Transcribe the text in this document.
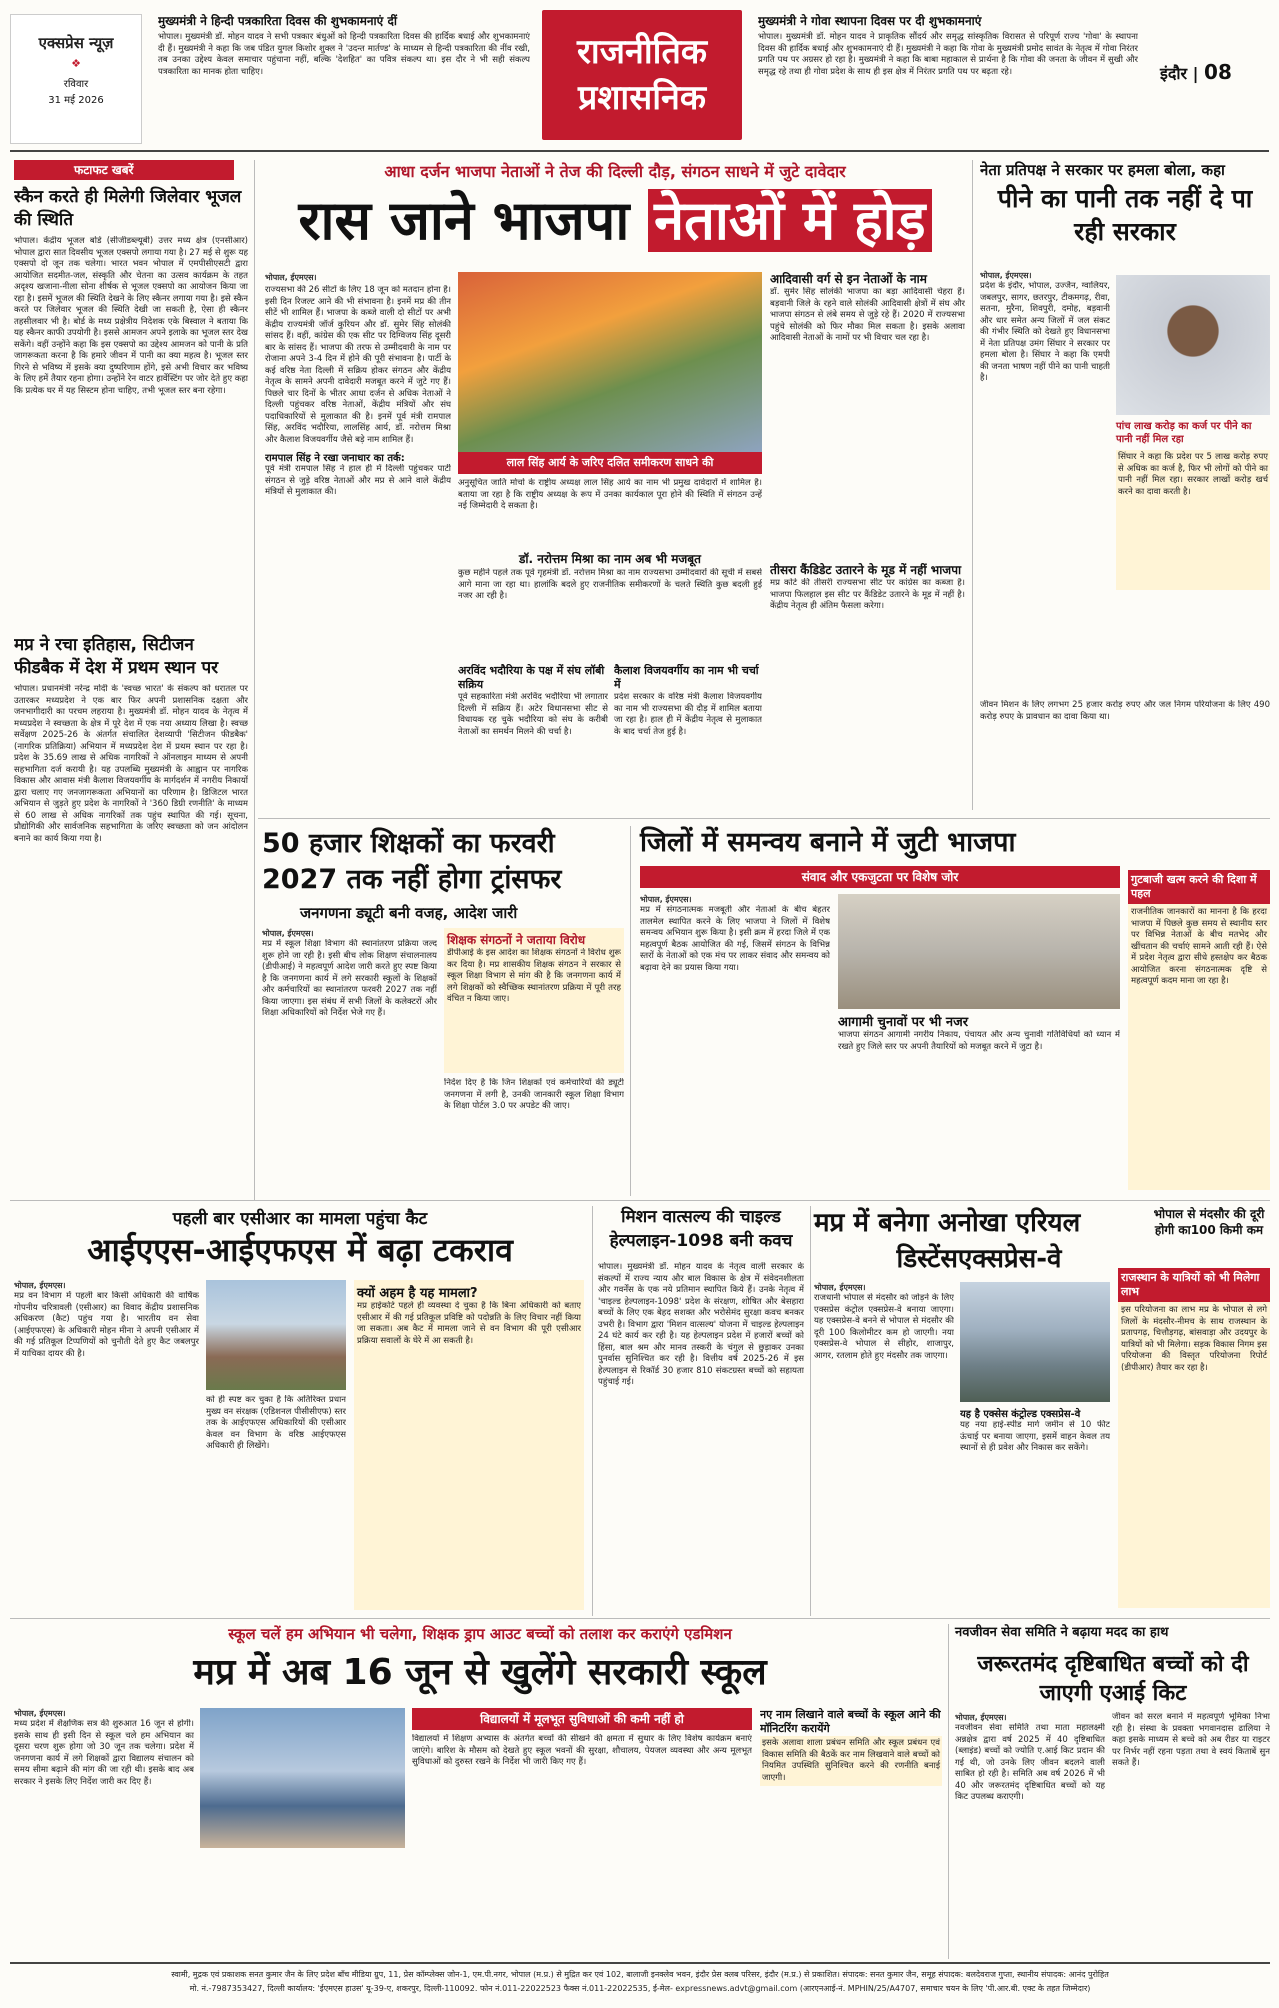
एक्सप्रेस न्यूज़
❖
रविवार
31 मई 2026
मुख्यमंत्री ने हिन्दी पत्रकारिता दिवस की शुभकामनाएं दीं
भोपाल। मुख्यमंत्री डॉ. मोहन यादव ने सभी पत्रकार बंधुओं को हिन्दी पत्रकारिता दिवस की हार्दिक बधाई और शुभकामनाएं दी हैं। मुख्यमंत्री ने कहा कि जब पंडित युगल किशोर शुक्ल ने 'उदन्त मार्तण्ड' के माध्यम से हिन्दी पत्रकारिता की नींव रखी, तब उनका उद्देश्य केवल समाचार पहुंचाना नहीं, बल्कि 'देशहित' का पवित्र संकल्प था। इस दौर ने भी सही संकल्प पत्रकारिता का मानक होता चाहिए।	राजनीतिक प्रशासनिक
मुख्यमंत्री ने गोवा स्थापना दिवस पर दी शुभकामनाएं
भोपाल। मुख्यमंत्री डॉ. मोहन यादव ने प्राकृतिक सौंदर्य और समृद्ध सांस्कृतिक विरासत से परिपूर्ण राज्य 'गोवा' के स्थापना दिवस की हार्दिक बधाई और शुभकामनाएं दी हैं। मुख्यमंत्री ने कहा कि गोवा के मुख्यमंत्री प्रमोद सावंत के नेतृत्व में गोवा निरंतर प्रगति पथ पर अग्रसर हो रहा है। मुख्यमंत्री ने कहा कि बाबा महाकाल से प्रार्थना है कि गोवा की जनता के जीवन में सुखी और समृद्ध रहे तथा ही गोवा प्रदेश के साथ ही इस क्षेत्र में निरंतर प्रगति पथ पर बढ़ता रहे।	इंदौर | 08
फटाफट खबरें
स्कैन करते ही मिलेगी जिलेवार भूजल की स्थिति
भोपाल। केंद्रीय भूजल बोर्ड (सीजीडब्ल्यूबी) उत्तर मध्य क्षेत्र (एनसीआर) भोपाल द्वारा सात दिवसीय भूजल एक्सपो लगाया गया है। 27 मई से शुरू यह एक्सपो दो जून तक चलेगा। भारत भवन भोपाल में एमपीसीएसटी द्वारा आयोजित सदमीत-जल, संस्कृति और चेतना का उत्सव कार्यक्रम के तहत अदृश्य खजाना-नीला सोना शीर्षक से भूजल एक्सपो का आयोजन किया जा रहा है। इसमें भूजल की स्थिति देखने के लिए स्कैनर लगाया गया है। इसे स्कैन करते पर जिलेवार भूजल की स्थिति देखी जा सकती है, ऐसा ही स्कैनर तहसीलवार भी है। बोर्ड के मध्य प्रक्षेत्रीय निदेशक एके बिस्वाल ने बताया कि यह स्कैनर काफी उपयोगी है। इससे आमजन अपने इलाके का भूजल स्तर देख सकेंगे। वहीं उन्होंने कहा कि इस एक्सपो का उद्देश्य आमजन को पानी के प्रति जागरूकता करना है कि हमारे जीवन में पानी का क्या महत्व है। भूजल स्तर गिरने से भविष्य में इसके क्या दुष्परिणाम होंगे, इसे अभी विचार कर भविष्य के लिए हमें तैयार रहना होगा। उन्होंने रेन वाटर हार्वेस्टिंग पर जोर देते हुए कहा कि प्रत्येक घर में यह सिस्टम होना चाहिए, तभी भूजल स्तर बना रहेगा।
मप्र ने रचा इतिहास, सिटीजन फीडबैक में देश में प्रथम स्थान पर
भोपाल। प्रधानमंत्री नरेन्द्र मोदी के 'स्वच्छ भारत' के संकल्प को धरातल पर उतारकर मध्यप्रदेश ने एक बार फिर अपनी प्रशासनिक दक्षता और जनभागीदारी का परचम लहराया है। मुख्यमंत्री डॉ. मोहन यादव के नेतृत्व में मध्यप्रदेश ने स्वच्छता के क्षेत्र में पूरे देश में एक नया अध्याय लिखा है। स्वच्छ सर्वेक्षण 2025-26 के अंतर्गत संचालित देशव्यापी 'सिटीजन फीडबैक' (नागरिक प्रतिक्रिया) अभियान में मध्यप्रदेश देश में प्रथम स्थान पर रहा है। प्रदेश के 35.69 लाख से अधिक नागरिकों ने ऑनलाइन माध्यम से अपनी सहभागिता दर्ज करायी है। यह उपलब्धि मुख्यमंत्री के आह्वान पर नागरिक विकास और आवास मंत्री कैलाश विजयवर्गीय के मार्गदर्शन में नगरीय निकायों द्वारा चलाए गए जनजागरूकता अभियानों का परिणाम है। डिजिटल भारत अभियान से जुड़ते हुए प्रदेश के नागरिकों ने '360 डिग्री रणनीति' के माध्यम से 60 लाख से अधिक नागरिकों तक पहुंच स्थापित की गई। सूचना, प्रौद्योगिकी और सार्वजनिक सहभागिता के जरिए स्वच्छता को जन आंदोलन बनाने का कार्य किया गया है।
आधा दर्जन भाजपा नेताओं ने तेज की दिल्ली दौड़, संगठन साधने में जुटे दावेदार
रास जाने भाजपा नेताओं में होड़
भोपाल, ईएमएस।
राज्यसभा की 26 सीटों के लिए 18 जून को मतदान होना है। इसी दिन रिजल्ट आने की भी संभावना है। इनमें मप्र की तीन सीटें भी शामिल हैं। भाजपा के कब्जे वाली दो सीटों पर अभी केंद्रीय राज्यमंत्री जॉर्ज कुरियन और डॉ. सुमेर सिंह सोलंकी सांसद हैं। वहीं, कांग्रेस की एक सीट पर दिग्विजय सिंह दूसरी बार के सांसद हैं। भाजपा की तरफ से उम्मीदवारी के नाम पर रोजाना अपने 3-4 दिन में होने की पूरी संभावना है। पार्टी के कई वरिष्ठ नेता दिल्ली में सक्रिय होकर संगठन और केंद्रीय नेतृत्व के सामने अपनी दावेदारी मजबूत करने में जुटे गए हैं। पिछले चार दिनों के भीतर आधा दर्जन से अधिक नेताओं ने दिल्ली पहुंचकर वरिष्ठ नेताओं, केंद्रीय मंत्रियों और संघ पदाधिकारियों से मुलाकात की है। इनमें पूर्व मंत्री रामपाल सिंह, अरविंद भदौरिया, लालसिंह आर्य, डॉ. नरोत्तम मिश्रा और कैलाश विजयवर्गीय जैसे बड़े नाम शामिल हैं।
रामपाल सिंह ने रखा जनाधार का तर्क:
पूर्व मंत्री रामपाल सिंह ने हाल ही में दिल्ली पहुंचकर पार्टी संगठन से जुड़े वरिष्ठ नेताओं और मप्र से आने वाले केंद्रीय मंत्रियों से मुलाकात की।
लाल सिंह आर्य के जरिए दलित समीकरण साधने की
अनुसूचित जाति मोर्चा के राष्ट्रीय अध्यक्ष लाल सिंह आर्य का नाम भी प्रमुख दावेदारों में शामिल है। बताया जा रहा है कि राष्ट्रीय अध्यक्ष के रूप में उनका कार्यकाल पूरा होने की स्थिति में संगठन उन्हें नई जिम्मेदारी दे सकता है।
डॉ. नरोत्तम मिश्रा का नाम अब भी मजबूत
कुछ महीने पहले तक पूर्व गृहमंत्री डॉ. नरोत्तम मिश्रा का नाम राज्यसभा उम्मीदवारों की सूची में सबसे आगे माना जा रहा था। हालांकि बदले हुए राजनीतिक समीकरणों के चलते स्थिति कुछ बदली हुई नजर आ रही है।
अरविंद भदौरिया के पक्ष में संघ लॉबी सक्रिय
पूर्व सहकारिता मंत्री अरविंद भदौरिया भी लगातार दिल्ली में सक्रिय हैं। अटेर विधानसभा सीट से विधायक रह चुके भदौरिया को संघ के करीबी नेताओं का समर्थन मिलने की चर्चा है।
कैलाश विजयवर्गीय का नाम भी चर्चा में
प्रदेश सरकार के वरिष्ठ मंत्री कैलाश विजयवर्गीय का नाम भी राज्यसभा की दौड़ में शामिल बताया जा रहा है। हाल ही में केंद्रीय नेतृत्व से मुलाकात के बाद चर्चा तेज हुई है।
आदिवासी वर्ग से इन नेताओं के नाम
डॉ. सुमेर सिंह सोलंकी भाजपा का बड़ा आदिवासी चेहरा हैं। बड़वानी जिले के रहने वाले सोलंकी आदिवासी क्षेत्रों में संघ और भाजपा संगठन से लंबे समय से जुड़े रहे हैं। 2020 में राज्यसभा पहुंचे सोलंकी को फिर मौका मिल सकता है। इसके अलावा आदिवासी नेताओं के नामों पर भी विचार चल रहा है।
तीसरा कैंडिडेट उतारने के मूड में नहीं भाजपा
मप्र कोटे की तीसरी राज्यसभा सीट पर कांग्रेस का कब्जा है। भाजपा फिलहाल इस सीट पर कैंडिडेट उतारने के मूड में नहीं है। केंद्रीय नेतृत्व ही अंतिम फैसला करेगा।
नेता प्रतिपक्ष ने सरकार पर हमला बोला, कहा
पीने का पानी तक नहीं दे पा रही सरकार
भोपाल, ईएमएस।
प्रदेश के इंदौर, भोपाल, उज्जैन, ग्वालियर, जबलपुर, सागर, छतरपुर, टीकमगढ़, रीवा, सतना, मुरैना, शिवपुरी, दमोह, बड़वानी और धार समेत अन्य जिलों में जल संकट की गंभीर स्थिति को देखते हुए विधानसभा में नेता प्रतिपक्ष उमंग सिंघार ने सरकार पर हमला बोला है। सिंघार ने कहा कि एमपी की जनता भाषण नहीं पीने का पानी चाहती है।
पांच लाख करोड़ का कर्ज पर पीने का पानी नहीं मिल रहा
सिंघार ने कहा कि प्रदेश पर 5 लाख करोड़ रुपए से अधिक का कर्ज है, फिर भी लोगों को पीने का पानी नहीं मिल रहा। सरकार लाखों करोड़ खर्च करने का दावा करती है।
जीवन मिशन के लिए लगभग 25 हजार करोड़ रुपए और जल निगम परियोजना के लिए 490 करोड़ रुपए के प्रावधान का दावा किया था।
50 हजार शिक्षकों का फरवरी
2027 तक नहीं होगा ट्रांसफर
जनगणना ड्यूटी बनी वजह, आदेश जारी
भोपाल, ईएमएस।
मप्र में स्कूल शिक्षा विभाग की स्थानांतरण प्रक्रिया जल्द शुरू होने जा रही है। इसी बीच लोक शिक्षण संचालनालय (डीपीआई) ने महत्वपूर्ण आदेश जारी करते हुए स्पष्ट किया है कि जनगणना कार्य में लगे सरकारी स्कूलों के शिक्षकों और कर्मचारियों का स्थानांतरण फरवरी 2027 तक नहीं किया जाएगा। इस संबंध में सभी जिलों के कलेक्टरों और शिक्षा अधिकारियों को निर्देश भेजे गए हैं।
शिक्षक संगठनों ने जताया विरोध
डीपीआई के इस आदेश का शिक्षक संगठनों ने विरोध शुरू कर दिया है। मप्र शासकीय शिक्षक संगठन ने सरकार से स्कूल शिक्षा विभाग से मांग की है कि जनगणना कार्य में लगे शिक्षकों को स्वैच्छिक स्थानांतरण प्रक्रिया में पूरी तरह वंचित न किया जाए।
निर्देश दिए है कि जिन शिक्षकों एवं कर्मचारियों की ड्यूटी जनगणना में लगी है, उनकी जानकारी स्कूल शिक्षा विभाग के शिक्षा पोर्टल 3.0 पर अपडेट की जाए।
जिलों में समन्वय बनाने में जुटी भाजपा
संवाद और एकजुटता पर विशेष जोर
भोपाल, ईएमएस।
मप्र में संगठनात्मक मजबूती और नेताओं के बीच बेहतर तालमेल स्थापित करने के लिए भाजपा ने जिलों में विशेष समन्वय अभियान शुरू किया है। इसी क्रम में हरदा जिले में एक महत्वपूर्ण बैठक आयोजित की गई, जिसमें संगठन के विभिन्न स्तरों के नेताओं को एक मंच पर लाकर संवाद और समन्वय को बढ़ावा देने का प्रयास किया गया।
आगामी चुनावों पर भी नजर
भाजपा संगठन आगामी नगरीय निकाय, पंचायत और अन्य चुनावी गतिविधियों को ध्यान में रखते हुए जिले स्तर पर अपनी तैयारियों को मजबूत करने में जुटा है।
गुटबाजी खत्म करने की दिशा में पहल
राजनीतिक जानकारों का मानना है कि हरदा भाजपा में पिछले कुछ समय से स्थानीय स्तर पर विभिन्न नेताओं के बीच मतभेद और खींचतान की चर्चाएं सामने आती रही हैं। ऐसे में प्रदेश नेतृत्व द्वारा सीधे हस्तक्षेप कर बैठक आयोजित करना संगठनात्मक दृष्टि से महत्वपूर्ण कदम माना जा रहा है।
पहली बार एसीआर का मामला पहुंचा कैट
आईएएस-आईएफएस में बढ़ा टकराव
भोपाल, ईएमएस।
मप्र वन विभाग में पहली बार किसी अधिकारी की वार्षिक गोपनीय चरित्रावली (एसीआर) का विवाद केंद्रीय प्रशासनिक अधिकरण (कैट) पहुंच गया है। भारतीय वन सेवा (आईएफएस) के अधिकारी मोहन मीना ने अपनी एसीआर में की गई प्रतिकूल टिप्पणियों को चुनौती देते हुए कैट जबलपुर में याचिका दायर की है।
को ही स्पष्ट कर चुका है कि अतिरिक्त प्रधान मुख्य वन संरक्षक (एडिशनल पीसीसीएफ) स्तर तक के आईएफएस अधिकारियों की एसीआर केवल वन विभाग के वरिष्ठ आईएफएस अधिकारी ही लिखेंगे।
क्यों अहम है यह मामला?
मप्र हाईकोर्ट पहले ही व्यवस्था दे चुका है कि बिना अधिकारी को बताए एसीआर में की गई प्रतिकूल प्रविष्टि को पदोन्नति के लिए विचार नहीं किया जा सकता। अब कैट में मामला जाने से वन विभाग की पूरी एसीआर प्रक्रिया सवालों के घेरे में आ सकती है।
मिशन वात्सल्य की चाइल्ड
हेल्पलाइन-1098 बनी कवच
भोपाल। मुख्यमंत्री डॉ. मोहन यादव के नेतृत्व वाली सरकार के संकल्पों में राज्य न्याय और बाल विकास के क्षेत्र में संवेदनशीलता और गवर्नेंस के एक नये प्रतिमान स्थापित किये हैं। उनके नेतृत्व में 'चाइल्ड हेल्पलाइन-1098' प्रदेश के संरक्षण, शोषित और बेसहारा बच्चों के लिए एक बेहद सशक्त और भरोसेमंद सुरक्षा कवच बनकर उभरी है। विभाग द्वारा 'मिशन वात्सल्य' योजना में चाइल्ड हेल्पलाइन 24 घंटे कार्य कर रही है। यह हेल्पलाइन प्रदेश में हजारों बच्चों को हिंसा, बाल श्रम और मानव तस्करी के चंगुल से छुड़ाकर उनका पुनर्वास सुनिश्चित कर रही है। वित्तीय वर्ष 2025-26 में इस हेल्पलाइन से रिकॉर्ड 30 हजार 810 संकटग्रस्त बच्चों को सहायता पहुंचाई गई।
मप्र में बनेगा अनोखा एरियल
डिस्टेंसएक्सप्रेस-वे
भोपाल से मंदसौर की दूरी होगी का100 किमी कम
भोपाल, ईएमएस।
राजधानी भोपाल से मंदसौर को जोड़ने के लिए एक्सप्रेस कंट्रोल एक्सप्रेस-वे बनाया जाएगा। यह एक्सप्रेस-वे बनने से भोपाल से मंदसौर की दूरी 100 किलोमीटर कम हो जाएगी। नया एक्सप्रेस-वे भोपाल से सीहोर, शाजापुर, आगर, रतलाम होते हुए मंदसौर तक जाएगा।
यह है एक्सेस कंट्रोल्ड एक्सप्रेस-वे
यह नया हाई-स्पीड मार्ग जमीन से 10 फीट ऊंचाई पर बनाया जाएगा, इसमें वाहन केवल तय स्थानों से ही प्रवेश और निकास कर सकेंगे।
राजस्थान के यात्रियों को भी मिलेगा लाभ
इस परियोजना का लाभ मप्र के भोपाल से लगे जिलों के मंदसौर-नीमच के साथ राजस्थान के प्रतापगढ़, चित्तौड़गढ़, बांसवाड़ा और उदयपुर के यात्रियों को भी मिलेगा। सड़क विकास निगम इस परियोजना की विस्तृत परियोजना रिपोर्ट (डीपीआर) तैयार कर रहा है।
स्कूल चलें हम अभियान भी चलेगा, शिक्षक ड्राप आउट बच्चों को तलाश कर कराएंगे एडमिशन
मप्र में अब 16 जून से खुलेंगे सरकारी स्कूल
भोपाल, ईएमएस।
मध्य प्रदेश में शैक्षणिक सत्र की शुरुआत 16 जून से होगी। इसके साथ ही इसी दिन से स्कूल चले हम अभियान का दूसरा चरण शुरू होगा जो 30 जून तक चलेगा। प्रदेश में जनगणना कार्य में लगे शिक्षकों द्वारा विद्यालय संचालन को समय सीमा बढ़ाने की मांग की जा रही थी। इसके बाद अब सरकार ने इसके लिए निर्देश जारी कर दिए हैं।
विद्यालयों में मूलभूत सुविधाओं की कमी नहीं हो
विद्यालयों में शिक्षण अभ्यास के अंतर्गत बच्चों की सीखने की क्षमता में सुधार के लिए विशेष कार्यक्रम बनाएं जाएंगे। बारिश के मौसम को देखते हुए स्कूल भवनों की सुरक्षा, शौचालय, पेयजल व्यवस्था और अन्य मूलभूत सुविधाओं को दुरुस्त रखने के निर्देश भी जारी किए गए हैं।
नए नाम लिखाने वाले बच्चों के स्कूल आने की मॉनिटरिंग करायेंगे
इसके अलावा शाला प्रबंधन समिति और स्कूल प्रबंधन एवं विकास समिति की बैठकें कर नाम लिखवाने वाले बच्चों को नियमित उपस्थिति सुनिश्चित करने की रणनीति बनाई जाएगी।
नवजीवन सेवा समिति ने बढ़ाया मदद का हाथ
जरूरतमंद दृष्टिबाधित बच्चों को दी जाएगी एआई किट
भोपाल, ईएमएस।
नवजीवन सेवा समिति तथा माता महालक्ष्मी अन्नक्षेत्र द्वारा वर्ष 2025 में 40 दृष्टिबाधित (ब्लाइंड) बच्चों को ज्योति ए.आई किट प्रदान की गई थी, जो उनके लिए जीवन बदलने वाली साबित हो रही है। समिति अब वर्ष 2026 में भी 40 और जरूरतमंद दृष्टिबाधित बच्चों को यह किट उपलब्ध कराएगी।
जीवन को सरल बनाने में महत्वपूर्ण भूमिका निभा रही है। संस्था के प्रवक्ता भगवानदास ढालिया ने कहा इसके माध्यम से बच्चे को अब रीडर या राइटर पर निर्भर नहीं रहना पड़ता तथा वे स्वयं किताबें सुन सकते हैं।
स्वामी, मुद्रक एवं प्रकाशक सनत कुमार जैन के लिए प्रदेश बाँच मीडिया ग्रुप, 11, प्रेस कॉम्प्लेक्स जोन-1, एम.पी.नगर, भोपाल (म.प्र.) से मुद्रित कर एवं 102, बालाजी इनक्लेव भवन, इंदौर प्रेस क्लब परिसर, इंदौर (म.प्र.) से प्रकाशित। संपादक: सनत कुमार जैन, समूह संपादक: बलदेवराज गुप्ता, स्थानीय संपादक: आनंद पुरोहित
मो. नं.-7987353427, दिल्ली कार्यालय: 'ईएमएस हाउस' यू-39-ए, शकरपुर, दिल्ली-110092. फोन नं.011-22022523 फैक्स नं.011-22022535, ई-मेल- expressnews.advt@gmail.com (आरएनआई-नं. MPHIN/25/A4707, समाचार चयन के लिए 'पी.आर.बी. एक्ट के तहत जिम्मेदार)
